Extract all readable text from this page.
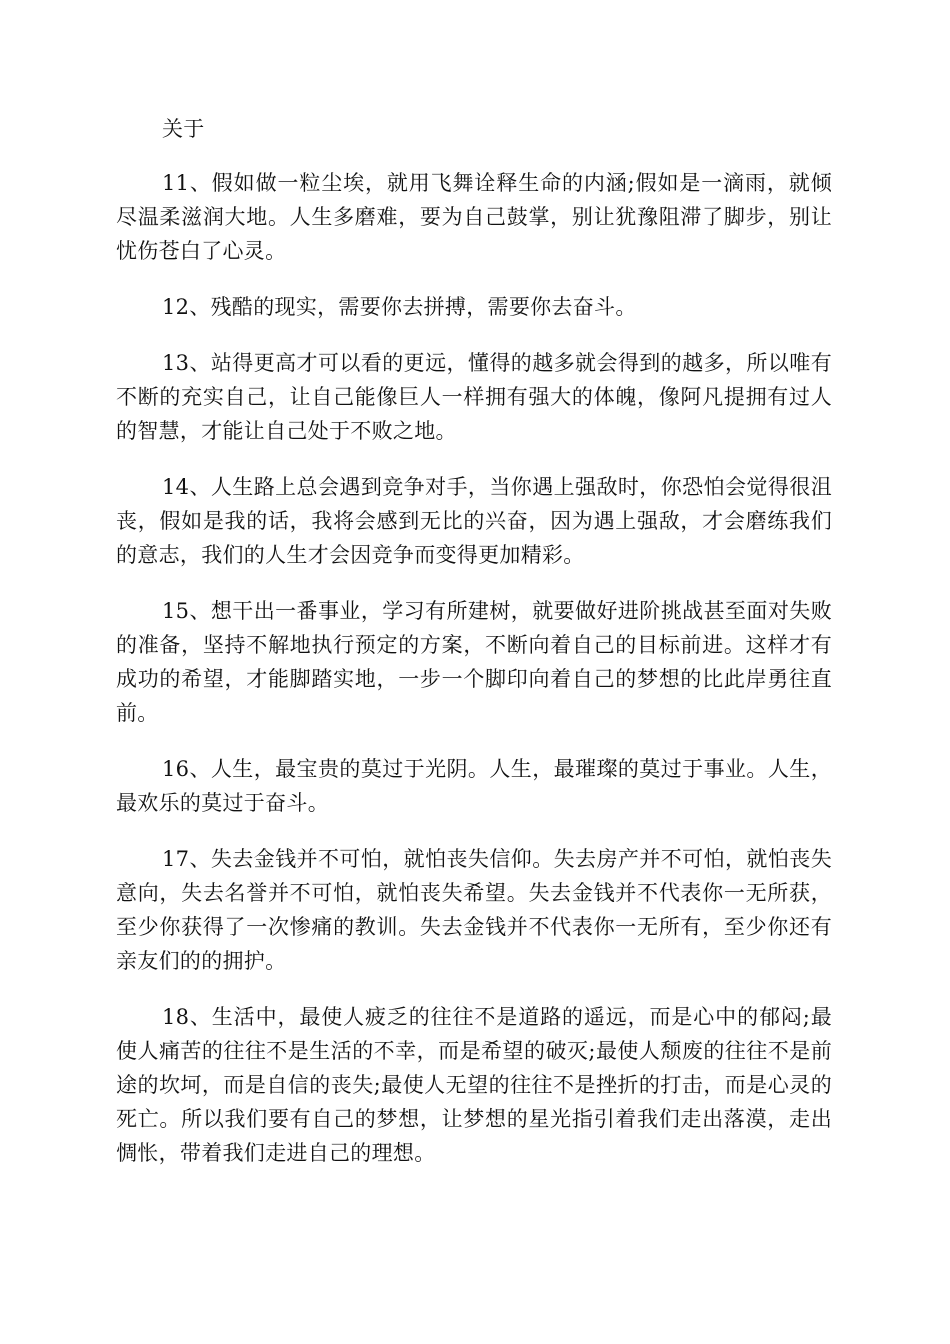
关于

11、假如做一粒尘埃，就用飞舞诠释生命的内涵;假如是一滴雨，就倾尽温柔滋润大地。人生多磨难，要为自己鼓掌，别让犹豫阻滞了脚步，别让忧伤苍白了心灵。

12、残酷的现实，需要你去拼搏，需要你去奋斗。

13、站得更高才可以看的更远，懂得的越多就会得到的越多，所以唯有不断的充实自己，让自己能像巨人一样拥有强大的体魄，像阿凡提拥有过人的智慧，才能让自己处于不败之地。

14、人生路上总会遇到竞争对手，当你遇上强敌时，你恐怕会觉得很沮丧，假如是我的话，我将会感到无比的兴奋，因为遇上强敌，才会磨练我们的意志，我们的人生才会因竞争而变得更加精彩。

15、想干出一番事业，学习有所建树，就要做好进阶挑战甚至面对失败的准备，坚持不解地执行预定的方案，不断向着自己的目标前进。这样才有成功的希望，才能脚踏实地，一步一个脚印向着自己的梦想的比此岸勇往直前。

16、人生，最宝贵的莫过于光阴。人生，最璀璨的莫过于事业。人生，最欢乐的莫过于奋斗。

17、失去金钱并不可怕，就怕丧失信仰。失去房产并不可怕，就怕丧失意向，失去名誉并不可怕，就怕丧失希望。失去金钱并不代表你一无所获，至少你获得了一次惨痛的教训。失去金钱并不代表你一无所有，至少你还有亲友们的的拥护。

18、生活中，最使人疲乏的往往不是道路的遥远，而是心中的郁闷;最使人痛苦的往往不是生活的不幸，而是希望的破灭;最使人颓废的往往不是前途的坎坷，而是自信的丧失;最使人无望的往往不是挫折的打击，而是心灵的死亡。所以我们要有自己的梦想，让梦想的星光指引着我们走出落漠，走出惆怅，带着我们走进自己的理想。
